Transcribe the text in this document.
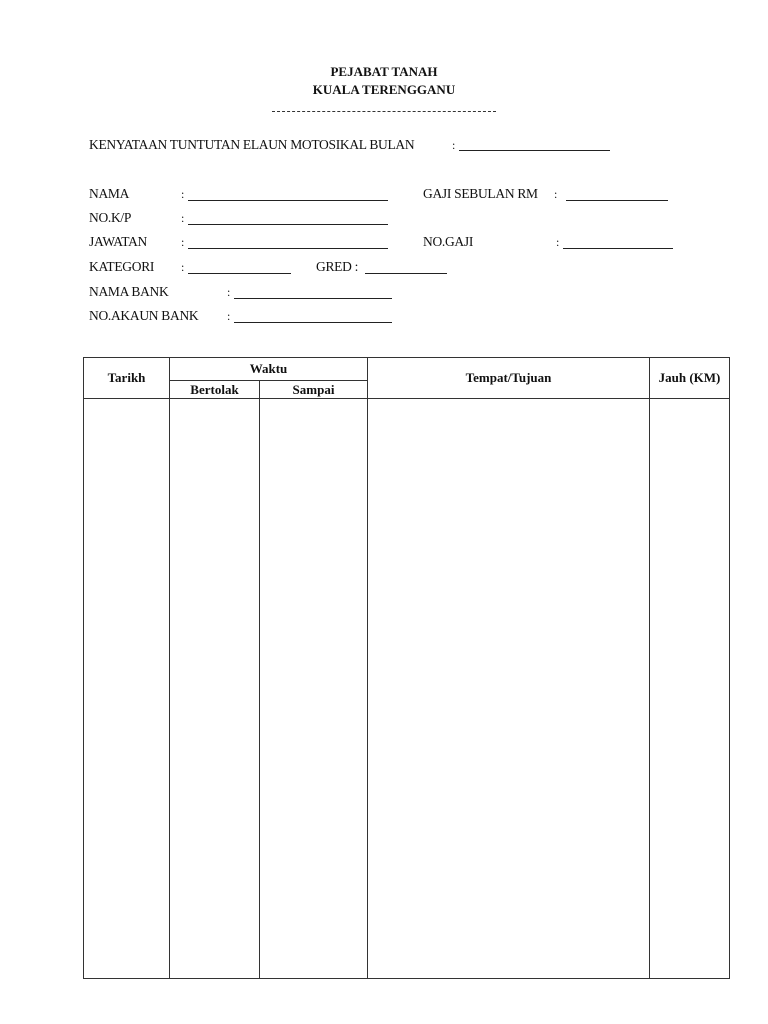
PEJABAT TANAH
KUALA TERENGGANU
KENYATAAN TUNTUTAN ELAUN MOTOSIKAL BULAN	:
NAMA	:
NO.K/P	:
JAWATAN	:
KATEGORI :	GRED :
NAMA BANK	:
NO.AKAUN BANK :
GAJI SEBULAN RM :
NO.GAJI	:
Tarikh	Waktu		Tempat/Tujuan	Jauh (KM)
	Bertolak	Sampai		
